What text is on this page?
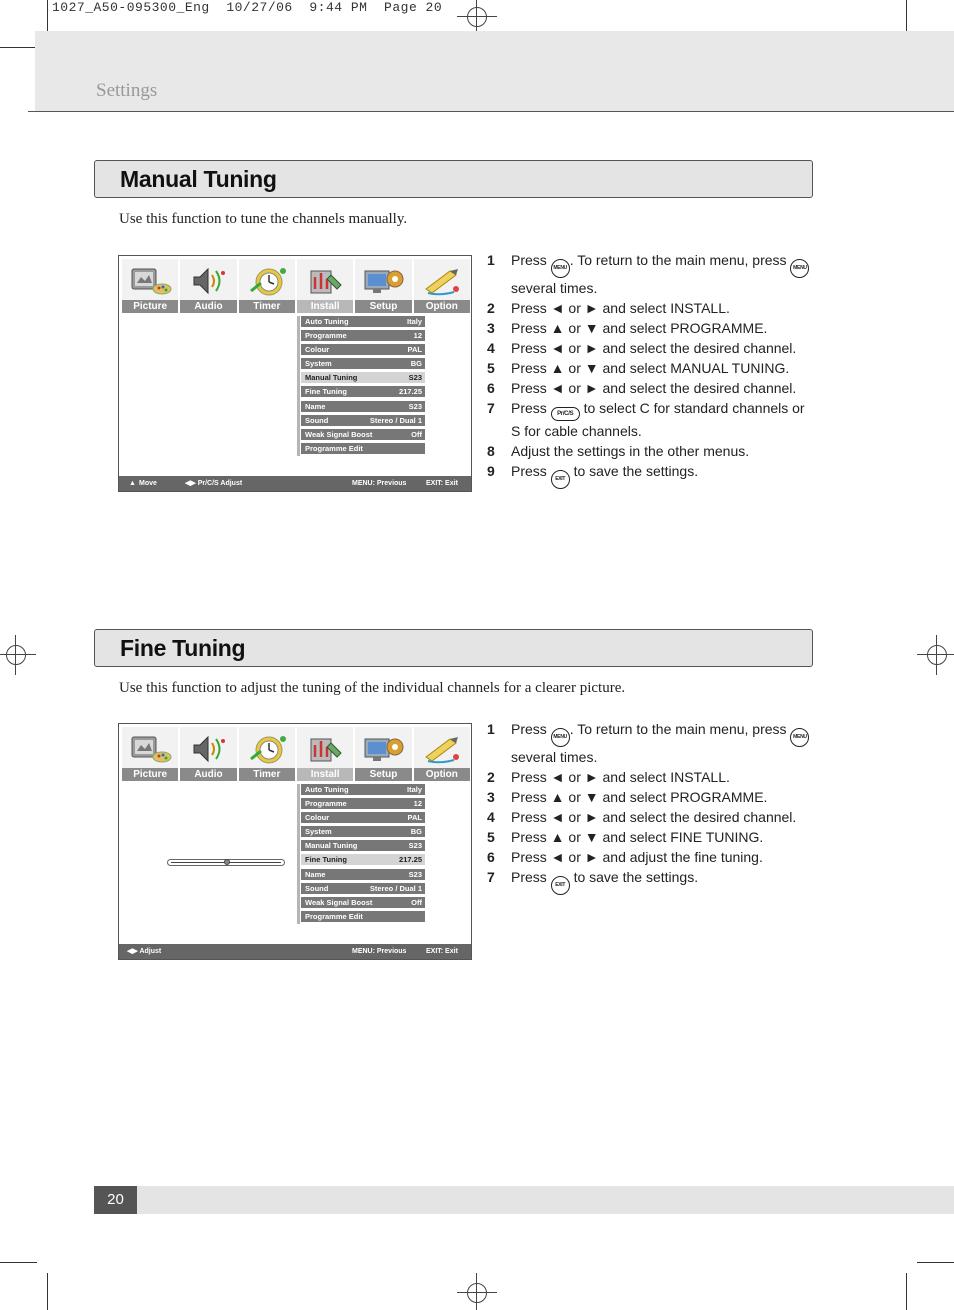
1027_A50-095300_Eng  10/27/06  9:44 PM  Page 20
Settings
Manual Tuning
Use this function to tune the channels manually.
Picture	Audio	Timer	Install	Setup	Option
Auto Tuning	Italy
Programme	12
Colour	PAL
System	BG
Manual Tuning	S23
Fine Tuning	217.25
Name	S23
Sound	Stereo / Dual 1
Weak Signal Boost	Off
Programme Edit
▲ Move	◀▶ Pr/C/S Adjust	MENU: Previous	EXIT: Exit
1 Press MENU . To return to the main menu, press MENU several times.
2 Press ◄ or ► and select INSTALL.
3 Press ▲ or ▼ and select PROGRAMME.
4 Press ◄ or ► and select the desired channel.
5 Press ▲ or ▼ and select MANUAL TUNING.
6 Press ◄ or ► and select the desired channel.
7 Press Pr/C/S to select C for standard channels or S for cable channels.
8 Adjust the settings in the other menus.
9 Press EXIT to save the settings.
Fine Tuning
Use this function to adjust the tuning of the individual channels for a clearer picture.
Picture	Audio	Timer	Install	Setup	Option
Auto Tuning	Italy
Programme	12
Colour	PAL
System	BG
Manual Tuning	S23
Fine Tuning	217.25
Name	S23
Sound	Stereo / Dual 1
Weak Signal Boost	Off
Programme Edit
◀▶ Adjust	MENU: Previous	EXIT: Exit
1 Press MENU . To return to the main menu, press MENUseveral times.
2 Press ◄ or ► and select INSTALL.
3 Press ▲ or ▼ and select PROGRAMME.
4 Press ◄ or ► and select the desired channel.
5 Press ▲ or ▼ and select FINE TUNING.
6 Press ◄ or ► and adjust the fine tuning.
7 Press EXIT to save the settings.
20
